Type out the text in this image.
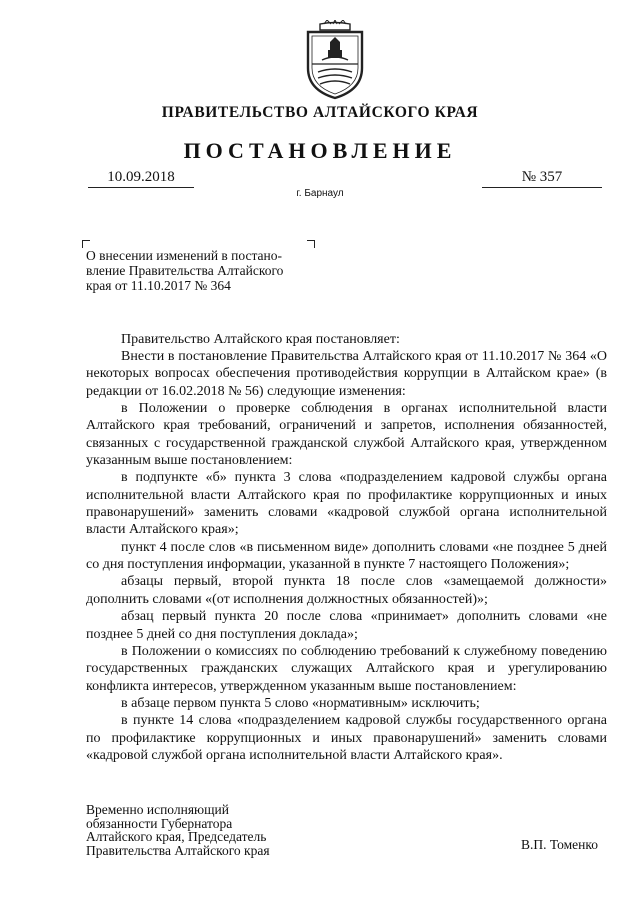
ПРАВИТЕЛЬСТВО АЛТАЙСКОГО КРАЯ
ПОСТАНОВЛЕНИЕ
10.09.2018	№ 357
г. Барнаул
О внесении изменений в постано-
вление Правительства Алтайского
края от 11.10.2017 № 364
Правительство Алтайского края постановляет:

Внести в постановление Правительства Алтайского края от 11.10.2017 № 364 «О некоторых вопросах обеспечения противодействия коррупции в Алтайском крае» (в редакции от 16.02.2018 № 56) следующие изменения:

в Положении о проверке соблюдения в органах исполнительной власти Алтайского края требований, ограничений и запретов, исполнения обязанностей, связанных с государственной гражданской службой Алтайского края, утвержденном указанным выше постановлением:

в подпункте «б» пункта 3 слова «подразделением кадровой службы органа исполнительной власти Алтайского края по профилактике коррупционных и иных правонарушений» заменить словами «кадровой службой органа исполнительной власти Алтайского края»;

пункт 4 после слов «в письменном виде» дополнить словами «не позднее 5 дней со дня поступления информации, указанной в пункте 7 настоящего Положения»;

абзацы первый, второй пункта 18 после слов «замещаемой должности» дополнить словами «(от исполнения должностных обязанностей)»;

абзац первый пункта 20 после слова «принимает» дополнить словами «не позднее 5 дней со дня поступления доклада»;

в Положении о комиссиях по соблюдению требований к служебному поведению государственных гражданских служащих Алтайского края и урегулированию конфликта интересов, утвержденном указанным выше постановлением:

в абзаце первом пункта 5 слово «нормативным» исключить;

в пункте 14 слова «подразделением кадровой службы государственного органа по профилактике коррупционных и иных правонарушений» заменить словами «кадровой службой органа исполнительной власти Алтайского края».

Временно исполняющий
обязанности Губернатора
Алтайского края, Председатель
Правительства Алтайского края	В.П. Томенко
